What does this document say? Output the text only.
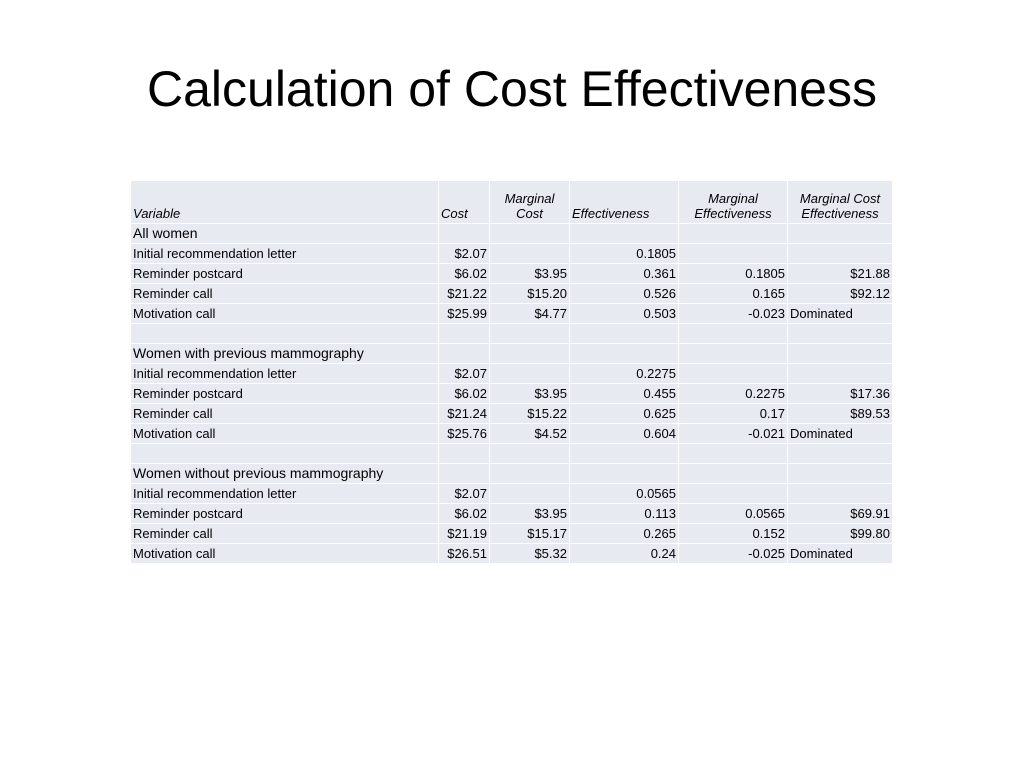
Calculation of Cost Effectiveness
Variable	Cost	Marginal Cost	Effectiveness	Marginal Effectiveness	Marginal Cost Effectiveness
All women					
Initial recommendation letter	$2.07		0.1805		
Reminder postcard	$6.02	$3.95	0.361	0.1805	$21.88
Reminder call	$21.22	$15.20	0.526	0.165	$92.12
Motivation call	$25.99	$4.77	0.503	-0.023	Dominated

Women with previous mammography					
Initial recommendation letter	$2.07		0.2275		
Reminder postcard	$6.02	$3.95	0.455	0.2275	$17.36
Reminder call	$21.24	$15.22	0.625	0.17	$89.53
Motivation call	$25.76	$4.52	0.604	-0.021	Dominated

Women without previous mammography					
Initial recommendation letter	$2.07		0.0565		
Reminder postcard	$6.02	$3.95	0.113	0.0565	$69.91
Reminder call	$21.19	$15.17	0.265	0.152	$99.80
Motivation call	$26.51	$5.32	0.24	-0.025	Dominated
